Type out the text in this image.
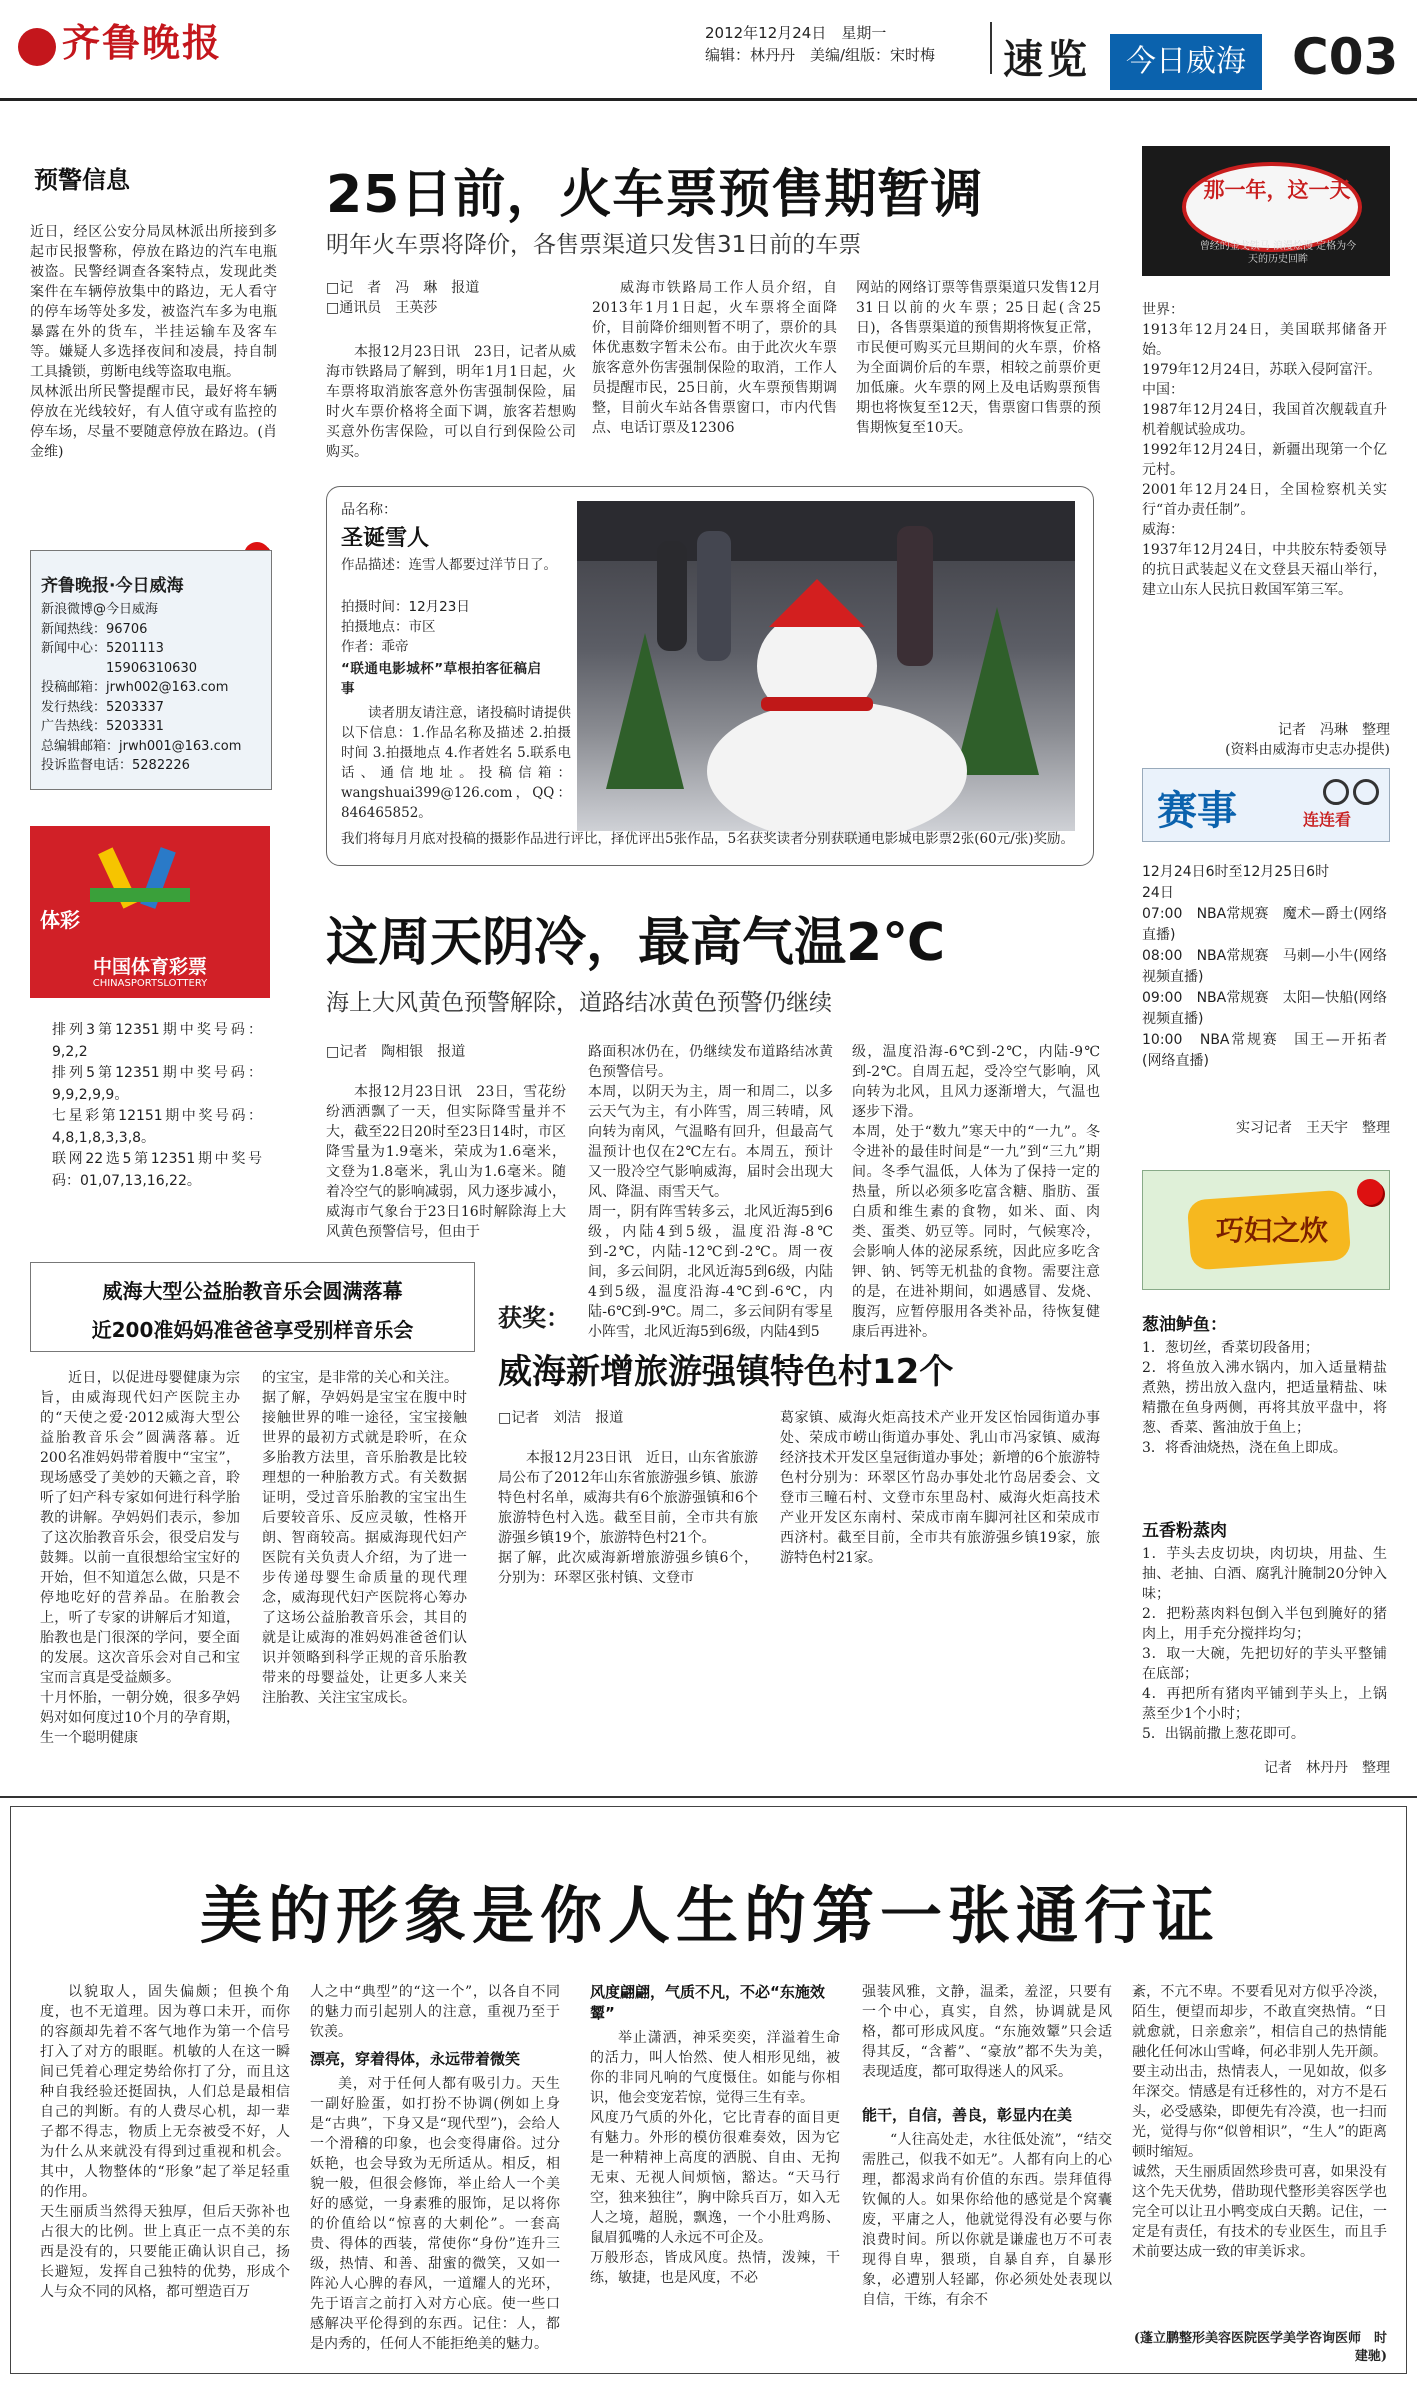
齐鲁晚报	2012年12月24日　星期一
编辑：林丹丹　美编/组版：宋时梅	速览	今日威海 C03
预警信息
近日，经区公安分局凤林派出所接到多起市民报警称，停放在路边的汽车电瓶被盗。民警经调查各案特点，发现此类案件在车辆停放集中的路边，无人看守的停车场等处多发，被盗汽车多为电瓶暴露在外的货车，半挂运输车及客车等。嫌疑人多选择夜间和凌晨，持自制工具撬锁，剪断电线等盗取电瓶。
凤林派出所民警提醒市民，最好将车辆停放在光线较好，有人值守或有监控的停车场，尽量不要随意停放在路边。(肖金维)
齐鲁晚报·今日威海
新浪微博@今日威海
新闻热线：96706
新闻中心：5201113
　　　　　15906310630
投稿邮箱：jrwh002@163.com
发行热线：5203337
广告热线：5203331
总编辑邮箱：jrwh001@163.com
投诉监督电话：5282226
体彩
中国体育彩票
CHINASPORTSLOTTERY
排列3第12351期中奖号码：9,2,2
排列5第12351期中奖号码：9,9,2,9,9。
七星彩第12151期中奖号码：4,8,1,8,3,3,8。
联网22选5第12351期中奖号码：01,07,13,16,22。
威海大型公益胎教音乐会圆满落幕
近200准妈妈准爸爸享受别样音乐会
近日，以促进母婴健康为宗旨，由威海现代妇产医院主办的“天使之爱·2012威海大型公益胎教音乐会”圆满落幕。近200名准妈妈带着腹中“宝宝”，现场感受了美妙的天籁之音，聆听了妇产科专家如何进行科学胎教的讲解。孕妈妈们表示，参加了这次胎教音乐会，很受启发与鼓舞。以前一直很想给宝宝好的开始，但不知道怎么做，只是不停地吃好的营养品。在胎教会上，听了专家的讲解后才知道，胎教也是门很深的学问，要全面的发展。这次音乐会对自己和宝宝而言真是受益颇多。
十月怀胎，一朝分娩，很多孕妈妈对如何度过10个月的孕育期，生一个聪明健康
的宝宝，是非常的关心和关注。
据了解，孕妈妈是宝宝在腹中时接触世界的唯一途径，宝宝接触世界的最初方式就是聆听，在众多胎教方法里，音乐胎教是比较理想的一种胎教方式。有关数据证明，受过音乐胎教的宝宝出生后要较音乐、反应灵敏，性格开朗、智商较高。据威海现代妇产医院有关负责人介绍，为了进一步传递母婴生命质量的现代理念，威海现代妇产医院将心筹办了这场公益胎教音乐会，其目的就是让威海的准妈妈准爸爸们认识并领略到科学正规的音乐胎教带来的母婴益处，让更多人来关注胎教、关注宝宝成长。
25日前，火车票预售期暂调
明年火车票将降价，各售票渠道只发售31日前的车票
□记　者　冯　琳　报道
□通讯员　王英莎
本报12月23日讯　23日，记者从威海市铁路局了解到，明年1月1日起，火车票将取消旅客意外伤害强制保险，届时火车票价格将全面下调，旅客若想购买意外伤害保险，可以自行到保险公司购买。
威海市铁路局工作人员介绍，自2013年1月1日起，火车票将全面降价，目前降价细则暂不明了，票价的具体优惠数字暂未公布。由于此次火车票旅客意外伤害强制保险的取消，工作人员提醒市民，25日前，火车票预售期调整，目前火车站各售票窗口，市内代售点、电话订票及12306
网站的网络订票等售票渠道只发售12月31日以前的火车票；25日起(含25日)，各售票渠道的预售期将恢复正常，市民便可购买元旦期间的火车票，价格为全面调价后的车票，相较之前票价更加低廉。火车票的网上及电话购票预售期也将恢复至12天，售票窗口售票的预售期恢复至10天。
品名称：
圣诞雪人
作品描述：连雪人都要过洋节日了。
拍摄时间：12月23日
拍摄地点：市区
作者：乖帝
“联通电影城杯”草根拍客征稿启事
读者朋友请注意，诸投稿时请提供以下信息：1.作品名称及描述 2.拍摄时间 3.拍摄地点 4.作者姓名 5.联系电话、通信地址。投稿信箱：wangshuai399@126.com，QQ：846465852。
我们将每月月底对投稿的摄影作品进行评比，择优评出5张作品，5名获奖读者分别获联通电影城电影票2张(60元/张)奖励。
这周天阴冷，最高气温2℃
海上大风黄色预警解除，道路结冰黄色预警仍继续
□记者　陶相银　报道
本报12月23日讯　23日，雪花纷纷洒洒飘了一天，但实际降雪量并不大，截至22日20时至23日14时，市区降雪量为1.9毫米，荣成为1.6毫米，文登为1.8毫米，乳山为1.6毫米。随着冷空气的影响减弱，风力逐步减小，威海市气象台于23日16时解除海上大风黄色预警信号，但由于
路面积冰仍在，仍继续发布道路结冰黄色预警信号。
本周，以阴天为主，周一和周二，以多云天气为主，有小阵雪，周三转晴，风向转为南风，气温略有回升，但最高气温预计也仅在2℃左右。本周五，预计又一股冷空气影响威海，届时会出现大风、降温、雨雪天气。
周一，阴有阵雪转多云，北风近海5到6级，内陆4到5级，温度沿海-8℃到-2℃，内陆-12℃到-2℃。周一夜间，多云间阴，北风近海5到6级，内陆4到5级，温度沿海-4℃到-6℃，内陆-6℃到-9℃。周二，多云间阴有零星小阵雪，北风近海5到6级，内陆4到5
级，温度沿海-6℃到-2℃，内陆-9℃到-2℃。自周五起，受冷空气影响，风向转为北风，且风力逐渐增大，气温也逐步下滑。
本周，处于“数九”寒天中的“一九”。冬令进补的最佳时间是“一九”到“三九”期间。冬季气温低，人体为了保持一定的热量，所以必须多吃富含糖、脂肪、蛋白质和维生素的食物，如米、面、肉类、蛋类、奶豆等。同时，气候寒冷，会影响人体的泌尿系统，因此应多吃含钾、钠、钙等无机盐的食物。需要注意的是，在进补期间，如遇感冒、发烧、腹泻，应暂停服用各类补品，待恢复健康后再进补。
获奖：
威海新增旅游强镇特色村12个
□记者　刘洁　报道
本报12月23日讯　近日，山东省旅游局公布了2012年山东省旅游强乡镇、旅游特色村名单，威海共有6个旅游强镇和6个旅游特色村入选。截至目前，全市共有旅游强乡镇19个，旅游特色村21个。
据了解，此次威海新增旅游强乡镇6个，分别为：环翠区张村镇、文登市
葛家镇、威海火炬高技术产业开发区怡园街道办事处、荣成市崂山街道办事处、乳山市冯家镇、威海经济技术开发区皇冠街道办事处；新增的6个旅游特色村分别为：环翠区竹岛办事处北竹岛居委会、文登市三疃石村、文登市东里岛村、威海火炬高技术产业开发区东南村、荣成市南车脚河社区和荣成市西济村。截至目前，全市共有旅游强乡镇19家，旅游特色村21家。
那一年，这一天
曾经的金戈铁马 浪漫烩漫 定格为今天的历史回眸
世界：
1913年12月24日，美国联邦储备开始。
1979年12月24日，苏联入侵阿富汗。
中国：
1987年12月24日，我国首次舰载直升机着舰试验成功。
1992年12月24日，新疆出现第一个亿元村。
2001年12月24日，全国检察机关实行“首办责任制”。
威海：
1937年12月24日，中共胶东特委领导的抗日武装起义在文登县天福山举行，建立山东人民抗日救国军第三军。
记者　冯琳　整理
(资料由威海市史志办提供)
赛事	连连看
12月24日6时至12月25日6时
24日
07:00　NBA常规赛　魔术—爵士(网络直播)
08:00　NBA常规赛　马刺—小牛(网络视频直播)
09:00　NBA常规赛　太阳—快船(网络视频直播)
10:00　NBA常规赛　国王—开拓者　(网络直播)
实习记者　王天宇　整理
巧妇之炊
葱油鲈鱼：
1．葱切丝，香菜切段备用；
2．将鱼放入沸水锅内，加入适量精盐煮熟，捞出放入盘内，把适量精盐、味精撒在鱼身两侧，再将其放平盘中，将葱、香菜、酱油放于鱼上；
3．将香油烧热，浇在鱼上即成。
五香粉蒸肉
1．芋头去皮切块，肉切块，用盐、生抽、老抽、白酒、腐乳汁腌制20分钟入味；
2．把粉蒸肉料包倒入半包到腌好的猪肉上，用手充分搅拌均匀；
3．取一大碗，先把切好的芋头平整铺在底部；
4．再把所有猪肉平铺到芋头上，上锅蒸至少1个小时；
5．出锅前撒上葱花即可。
记者　林丹丹　整理
美的形象是你人生的第一张通行证
以貌取人，固失偏颇；但换个角度，也不无道理。因为尊口未开，而你的容颜却先着不客气地作为第一个信号打入了对方的眼眶。机敏的人在这一瞬间已凭着心理定势给你打了分，而且这种自我经验还挺固执，人们总是最相信自己的判断。有的人费尽心机，却一辈子都不得志，物质上无奈被受不好，人为什么从来就没有得到过重视和机会。其中，人物整体的“形象”起了举足轻重的作用。
天生丽质当然得天独厚，但后天弥补也占很大的比例。世上真正一点不美的东西是没有的，只要能正确认识自己，扬长避短，发挥自己独特的优势，形成个人与众不同的风格，都可塑造百万
人之中“典型”的“这一个”，以各自不同的魅力而引起别人的注意，重视乃至于钦羡。
漂亮，穿着得体，永远带着微笑
美，对于任何人都有吸引力。天生一副好脸蛋，如打扮不协调(例如上身是“古典”，下身又是“现代型”)，会给人一个滑稽的印象，也会变得庸俗。过分妖艳，也会导致为无所适从。相反，相貌一般，但很会修饰，举止给人一个美好的感觉，一身素雅的服饰，足以将你的价值给以“惊喜的大刺伦”。一套高贵、得体的西装，常使你“身份”连升三级，热情、和善、甜蜜的微笑，又如一阵沁人心脾的春风，一道耀人的光环，先于语言之前打入对方心底。使一些口感解决平伦得到的东西。记住：人，都是内秀的，任何人不能拒绝美的魅力。
风度翩翩，气质不凡，不必“东施效颦”
举止潇洒，神采奕奕，洋溢着生命的活力，叫人怡然、使人相形见绌，被你的非同凡响的气度慑住。如能与你相识，他会变宠若惊，觉得三生有幸。
风度乃气质的外化，它比青春的面目更有魅力。外形的模仿很难奏效，因为它是一种精神上高度的洒脱、自由、无拘无束、无视人间烦恼，豁达。“天马行空，独来独往”，胸中除兵百万，如入无人之境，超脱，飘逸，一个小肚鸡肠、鼠眉狐嘴的人永远不可企及。
万般形态，皆成风度。热情，泼辣，干练，敏捷，也是风度，不必
强装风雅，文静，温柔，羞涩，只要有一个中心，真实，自然，协调就是风格，都可形成风度。“东施效颦”只会适得其反，“含蓄”、“豪放”都不失为美，表现适度，都可取得迷人的风采。
能干，自信，善良，彰显内在美
“人往高处走，水往低处流”，“结交需胜己，似我不如无”。人都有向上的心理，都渴求尚有价值的东西。崇拜值得钦佩的人。如果你给他的感觉是个窝囊废，平庸之人，他就觉得没有必要与你浪费时间。所以你就是谦虚也万不可表现得自卑，猥琐，自暴自弃，自暴形象，必遭别人轻鄙，你必须处处表现以自信，干练，有余不
紊，不亢不卑。不要看见对方似乎冷淡，陌生，便望而却步，不敢直突热情。“日就愈就，日亲愈亲”，相信自己的热情能融化任何冰山雪峰，何必非别人先开颜。要主动出击，热情表人，一见如故，似多年深交。情感是有迁移性的，对方不是石头，必受感染，即便先有冷漠，也一扫而光，觉得与你“似曾相识”，“生人”的距离顿时缩短。
诚然，天生丽质固然珍贵可喜，如果没有这个先天优势，借助现代整形美容医学也完全可以让丑小鸭变成白天鹅。记住，一定是有责任，有技术的专业医生，而且手术前要达成一致的审美诉求。
(蓬立鹏整形美容医院医学美学咨询医师　时建驰)
